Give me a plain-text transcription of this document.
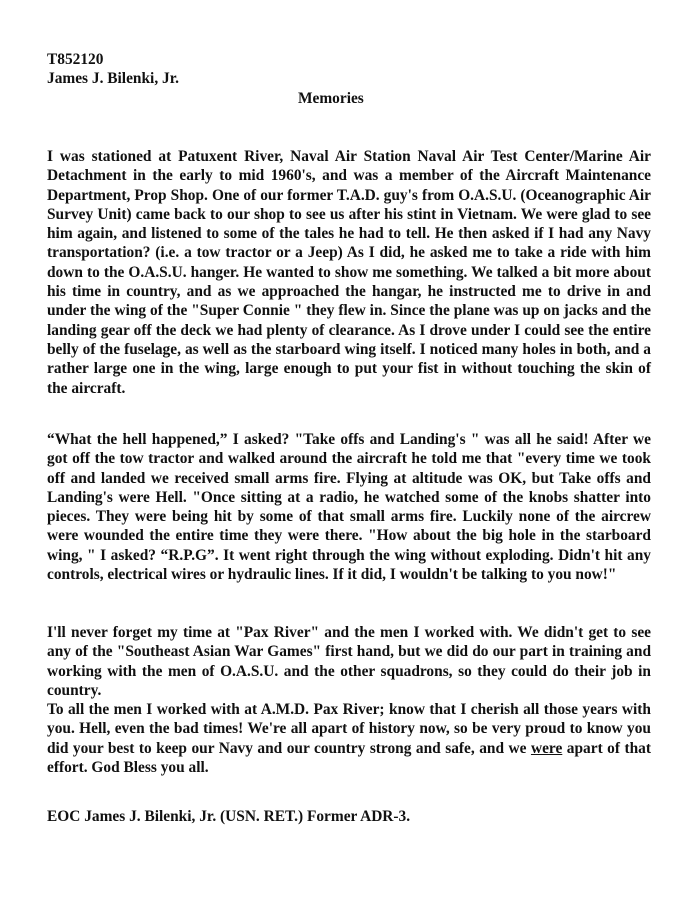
T852120

James J. Bilenki, Jr.

Memories

I was stationed at Patuxent River, Naval Air Station Naval Air Test Center/Marine Air Detachment in the early to mid 1960's, and was a member of the Aircraft Maintenance Department, Prop Shop. One of our former T.A.D. guy's from O.A.S.U. (Oceanographic Air Survey Unit) came back to our shop to see us after his stint in Vietnam. We were glad to see him again, and listened to some of the tales he had to tell. He then asked if I had any Navy transportation? (i.e. a tow tractor or a Jeep) As I did, he asked me to take a ride with him down to the O.A.S.U. hanger. He wanted to show me something. We talked a bit more about his time in country, and as we approached the hangar, he instructed me to drive in and under the wing of the "Super Connie " they flew in. Since the plane was up on jacks and the landing gear off the deck we had plenty of clearance. As I drove under I could see the entire belly of the fuselage, as well as the starboard wing itself. I noticed many holes in both, and a rather large one in the wing, large enough to put your fist in without touching the skin of the aircraft.

“What the hell happened,” I asked? "Take offs and Landing's " was all he said! After we got off the tow tractor and walked around the aircraft he told me that "every time we took off and landed we received small arms fire. Flying at altitude was OK, but Take offs and Landing's were Hell. "Once sitting at a radio, he watched some of the knobs shatter into pieces. They were being hit by some of that small arms fire. Luckily none of the aircrew were wounded the entire time they were there. "How about the big hole in the starboard wing, " I asked? “R.P.G”. It went right through the wing without exploding. Didn't hit any controls, electrical wires or hydraulic lines. If it did, I wouldn't be talking to you now!"

I'll never forget my time at "Pax River" and the men I worked with. We didn't get to see any of the "Southeast Asian War Games" first hand, but we did do our part in training and working with the men of O.A.S.U. and the other squadrons, so they could do their job in country.
To all the men I worked with at A.M.D. Pax River; know that I cherish all those years with you. Hell, even the bad times! We're all apart of history now, so be very proud to know you did your best to keep our Navy and our country strong and safe, and we were apart of that effort. God Bless you all.

EOC James J. Bilenki, Jr. (USN. RET.) Former ADR-3.
